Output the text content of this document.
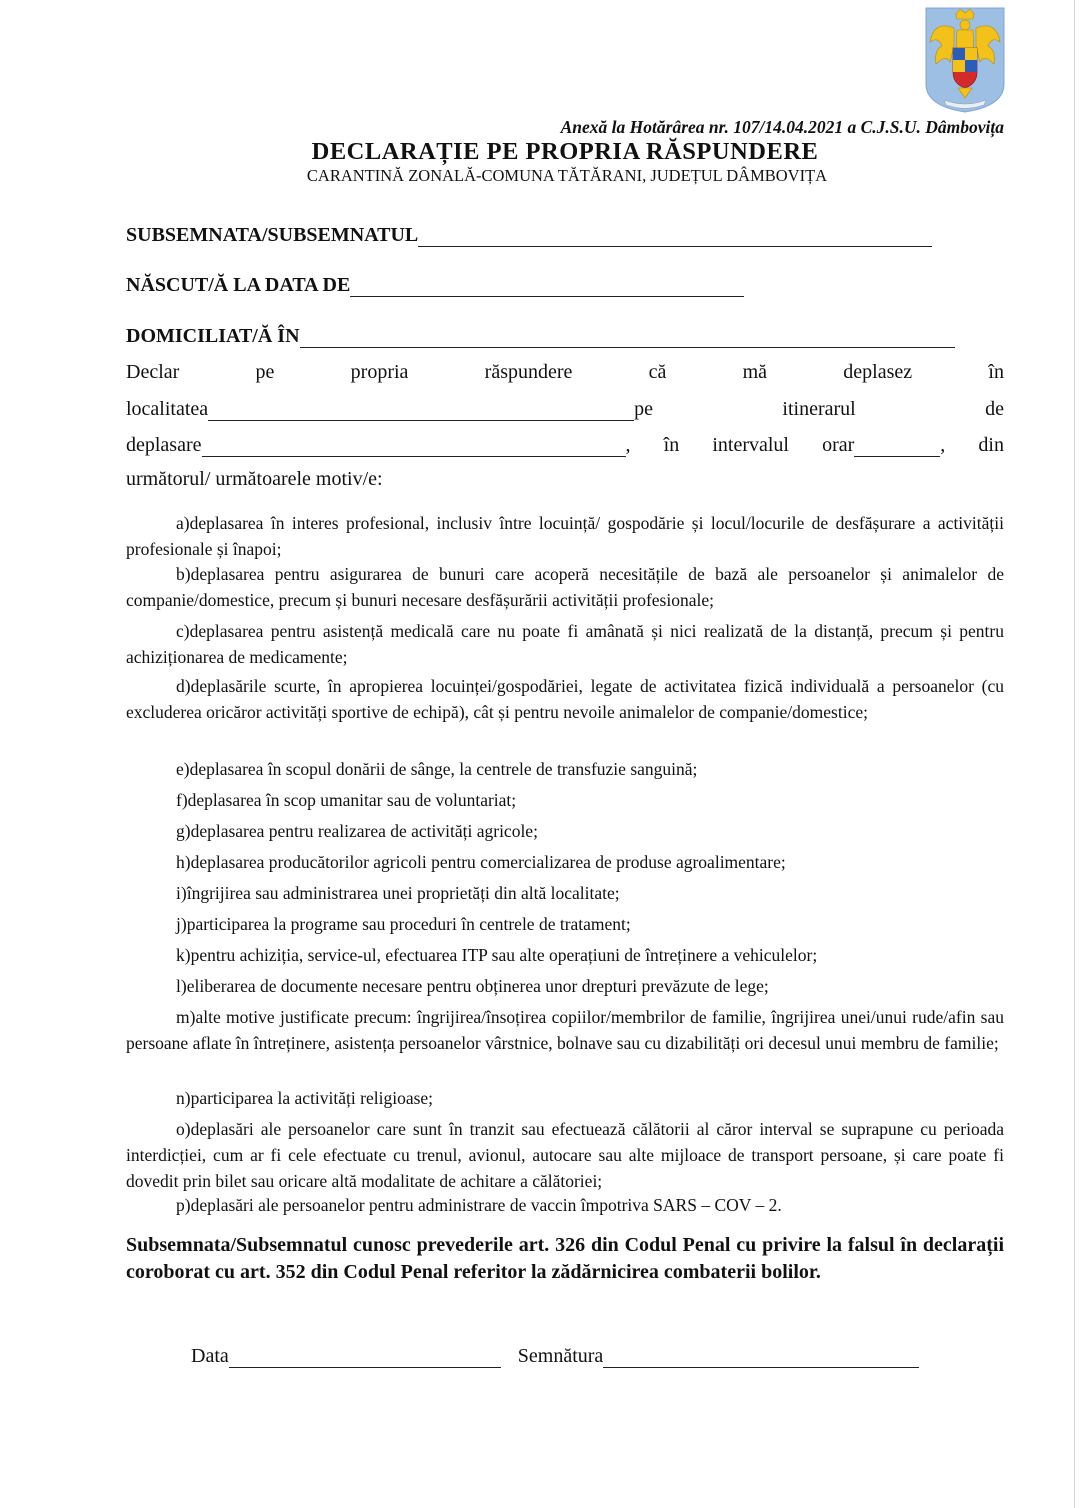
Anexă la Hotărârea nr. 107/14.04.2021 a C.J.S.U. Dâmbovița
DECLARAȚIE PE PROPRIA RĂSPUNDERE
CARANTINĂ ZONALĂ-COMUNA TĂTĂRANI, JUDEȚUL DÂMBOVIȚA
SUBSEMNATA/SUBSEMNATUL
NĂSCUT/Ă LA DATA DE
DOMICILIAT/Ă ÎN
Declar	pe	propria	răspundere	că	mă	deplasez	în
localitatea	pe	itinerarul	de
deplasare	, în intervalul orar	, din
următorul/ următoarele motiv/e:
a)deplasarea în interes profesional, inclusiv între locuință/ gospodărie și locul/locurile de desfășurare a activității profesionale și înapoi;
b)deplasarea pentru asigurarea de bunuri care acoperă necesitățile de bază ale persoanelor și animalelor de companie/domestice, precum și bunuri necesare desfășurării activității profesionale;
c)deplasarea pentru asistență medicală care nu poate fi amânată și nici realizată de la distanță, precum și pentru achiziționarea de medicamente;
d)deplasările scurte, în apropierea locuinței/gospodăriei, legate de activitatea fizică individuală a persoanelor (cu excluderea oricăror activități sportive de echipă), cât și pentru nevoile animalelor de companie/domestice;
e)deplasarea în scopul donării de sânge, la centrele de transfuzie sanguină;
f)deplasarea în scop umanitar sau de voluntariat;
g)deplasarea pentru realizarea de activități agricole;
h)deplasarea producătorilor agricoli pentru comercializarea de produse agroalimentare;
i)îngrijirea sau administrarea unei proprietăți din altă localitate;
j)participarea la programe sau proceduri în centrele de tratament;
k)pentru achiziția, service-ul, efectuarea ITP sau alte operațiuni de întreținere a vehiculelor;
l)eliberarea de documente necesare pentru obținerea unor drepturi prevăzute de lege;
m)alte motive justificate precum: îngrijirea/însoțirea copiilor/membrilor de familie, îngrijirea unei/unui rude/afin sau persoane aflate în întreținere, asistența persoanelor vârstnice, bolnave sau cu dizabilități ori decesul unui membru de familie;
n)participarea la activități religioase;
o)deplasări ale persoanelor care sunt în tranzit sau efectuează călătorii al căror interval se suprapune cu perioada interdicției, cum ar fi cele efectuate cu trenul, avionul, autocare sau alte mijloace de transport persoane, și care poate fi dovedit prin bilet sau oricare altă modalitate de achitare a călătoriei;
p)deplasări ale persoanelor pentru administrare de vaccin împotriva SARS – COV – 2.
Subsemnata/Subsemnatul cunosc prevederile art. 326 din Codul Penal cu privire la falsul în declarații coroborat cu art. 352 din Codul Penal referitor la zădărnicirea combaterii bolilor.
Data	Semnătura
